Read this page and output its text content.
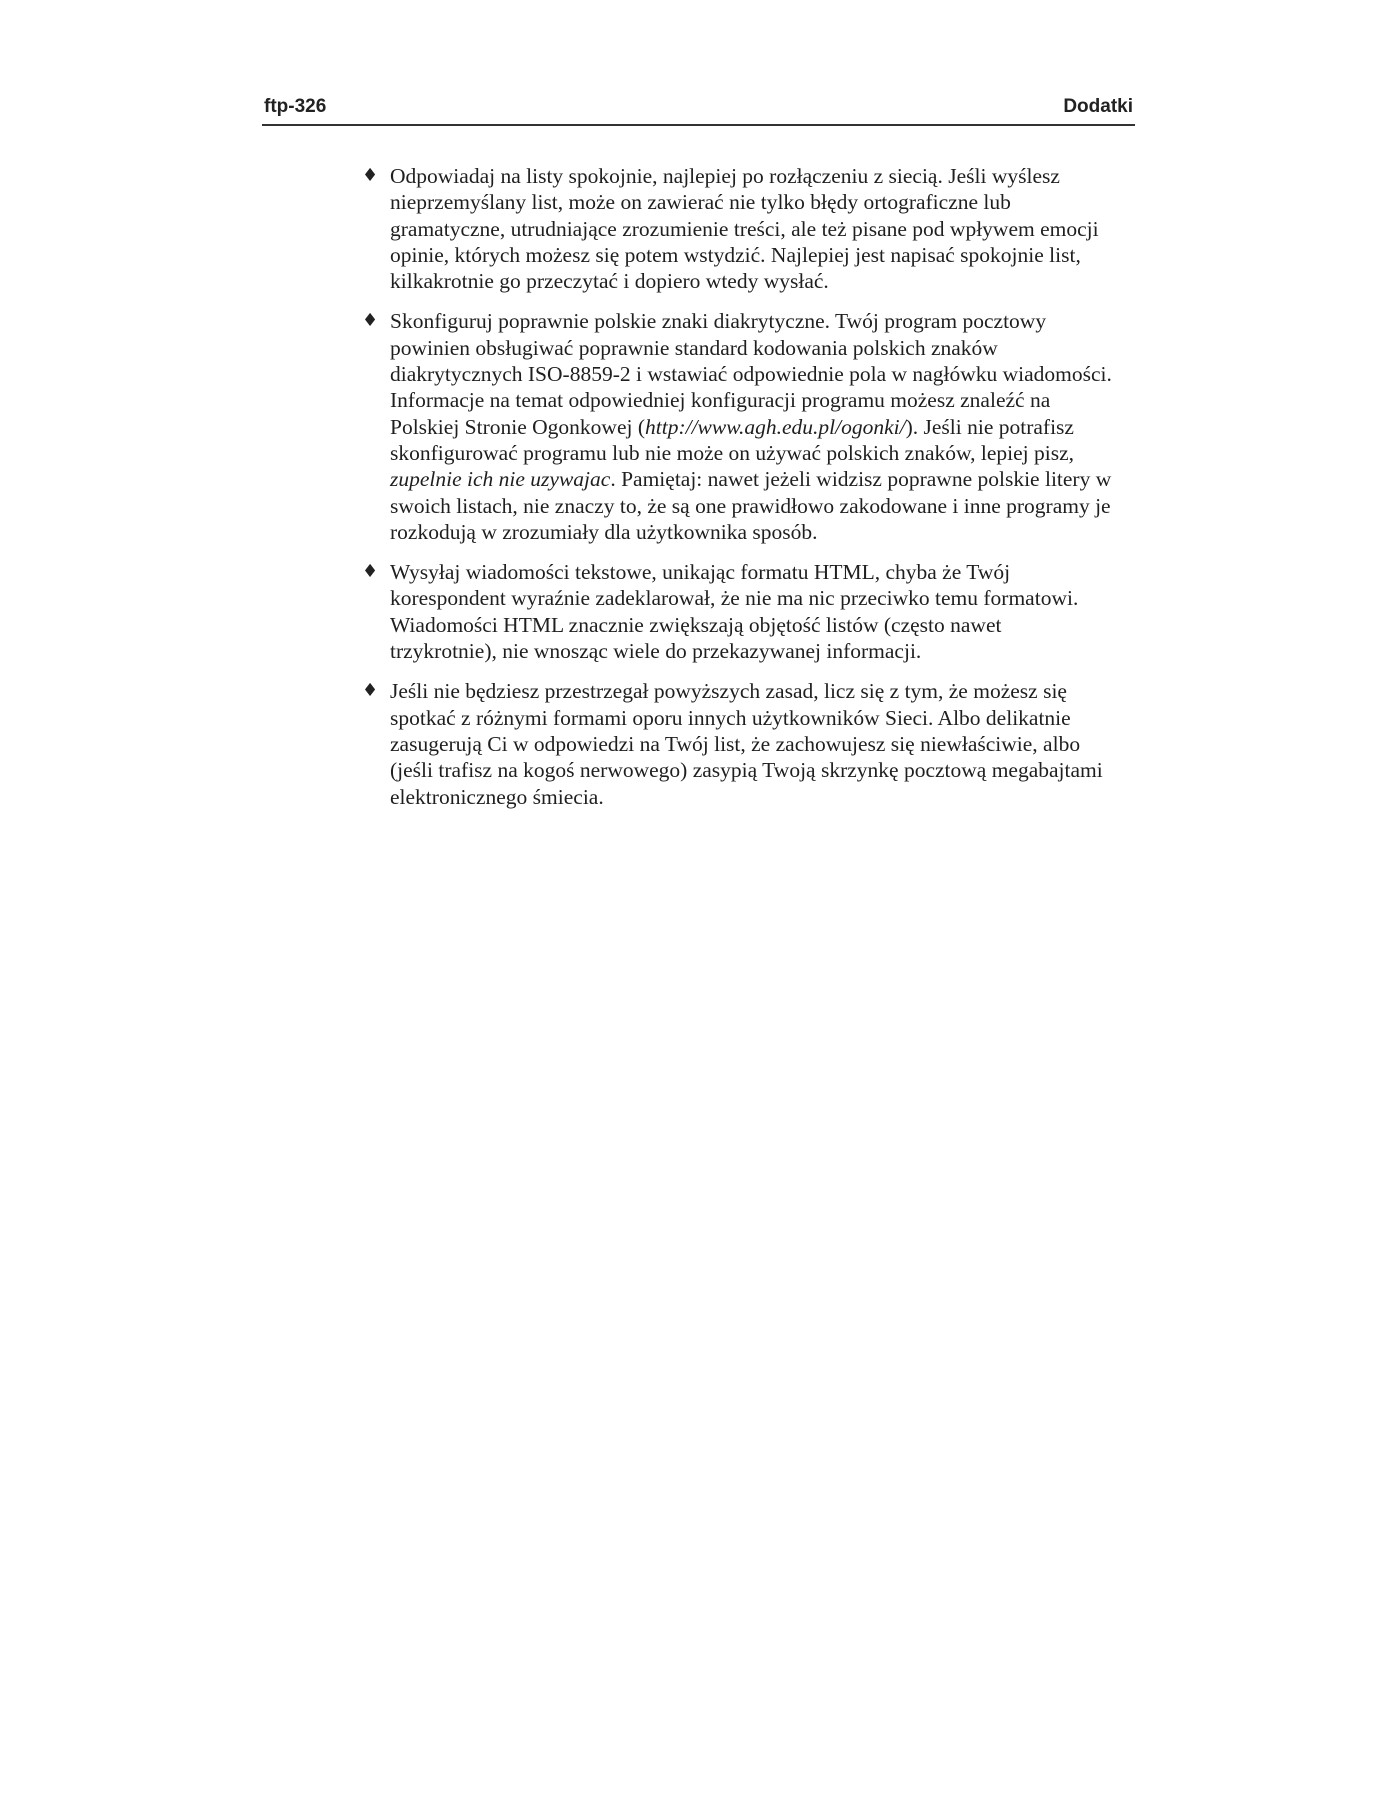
ftp-326	Dodatki
♦ Odpowiadaj na listy spokojnie, najlepiej po rozłączeniu z siecią. Jeśli wyślesz nieprzemyślany list, może on zawierać nie tylko błędy ortograficzne lub gramatyczne, utrudniające zrozumienie treści, ale też pisane pod wpływem emocji opinie, których możesz się potem wstydzić. Najlepiej jest napisać spokojnie list, kilkakrotnie go przeczytać i dopiero wtedy wysłać.
♦ Skonfiguruj poprawnie polskie znaki diakrytyczne. Twój program pocztowy powinien obsługiwać poprawnie standard kodowania polskich znaków diakrytycznych ISO-8859-2 i wstawiać odpowiednie pola w nagłówku wiadomości. Informacje na temat odpowiedniej konfiguracji programu możesz znaleźć na Polskiej Stronie Ogonkowej (http://www.agh.edu.pl/ogonki/). Jeśli nie potrafisz skonfigurować programu lub nie może on używać polskich znaków, lepiej pisz, zupelnie ich nie uzywajac. Pamiętaj: nawet jeżeli widzisz poprawne polskie litery w swoich listach, nie znaczy to, że są one prawidłowo zakodowane i inne programy je rozkodują w zrozumiały dla użytkownika sposób.
♦ Wysyłaj wiadomości tekstowe, unikając formatu HTML, chyba że Twój korespondent wyraźnie zadeklarował, że nie ma nic przeciwko temu formatowi. Wiadomości HTML znacznie zwiększają objętość listów (często nawet trzykrotnie), nie wnosząc wiele do przekazywanej informacji.
♦ Jeśli nie będziesz przestrzegał powyższych zasad, licz się z tym, że możesz się spotkać z różnymi formami oporu innych użytkowników Sieci. Albo delikatnie zasugerują Ci w odpowiedzi na Twój list, że zachowujesz się niewłaściwie, albo (jeśli trafisz na kogoś nerwowego) zasypią Twoją skrzynkę pocztową megabajtami elektronicznego śmiecia.
